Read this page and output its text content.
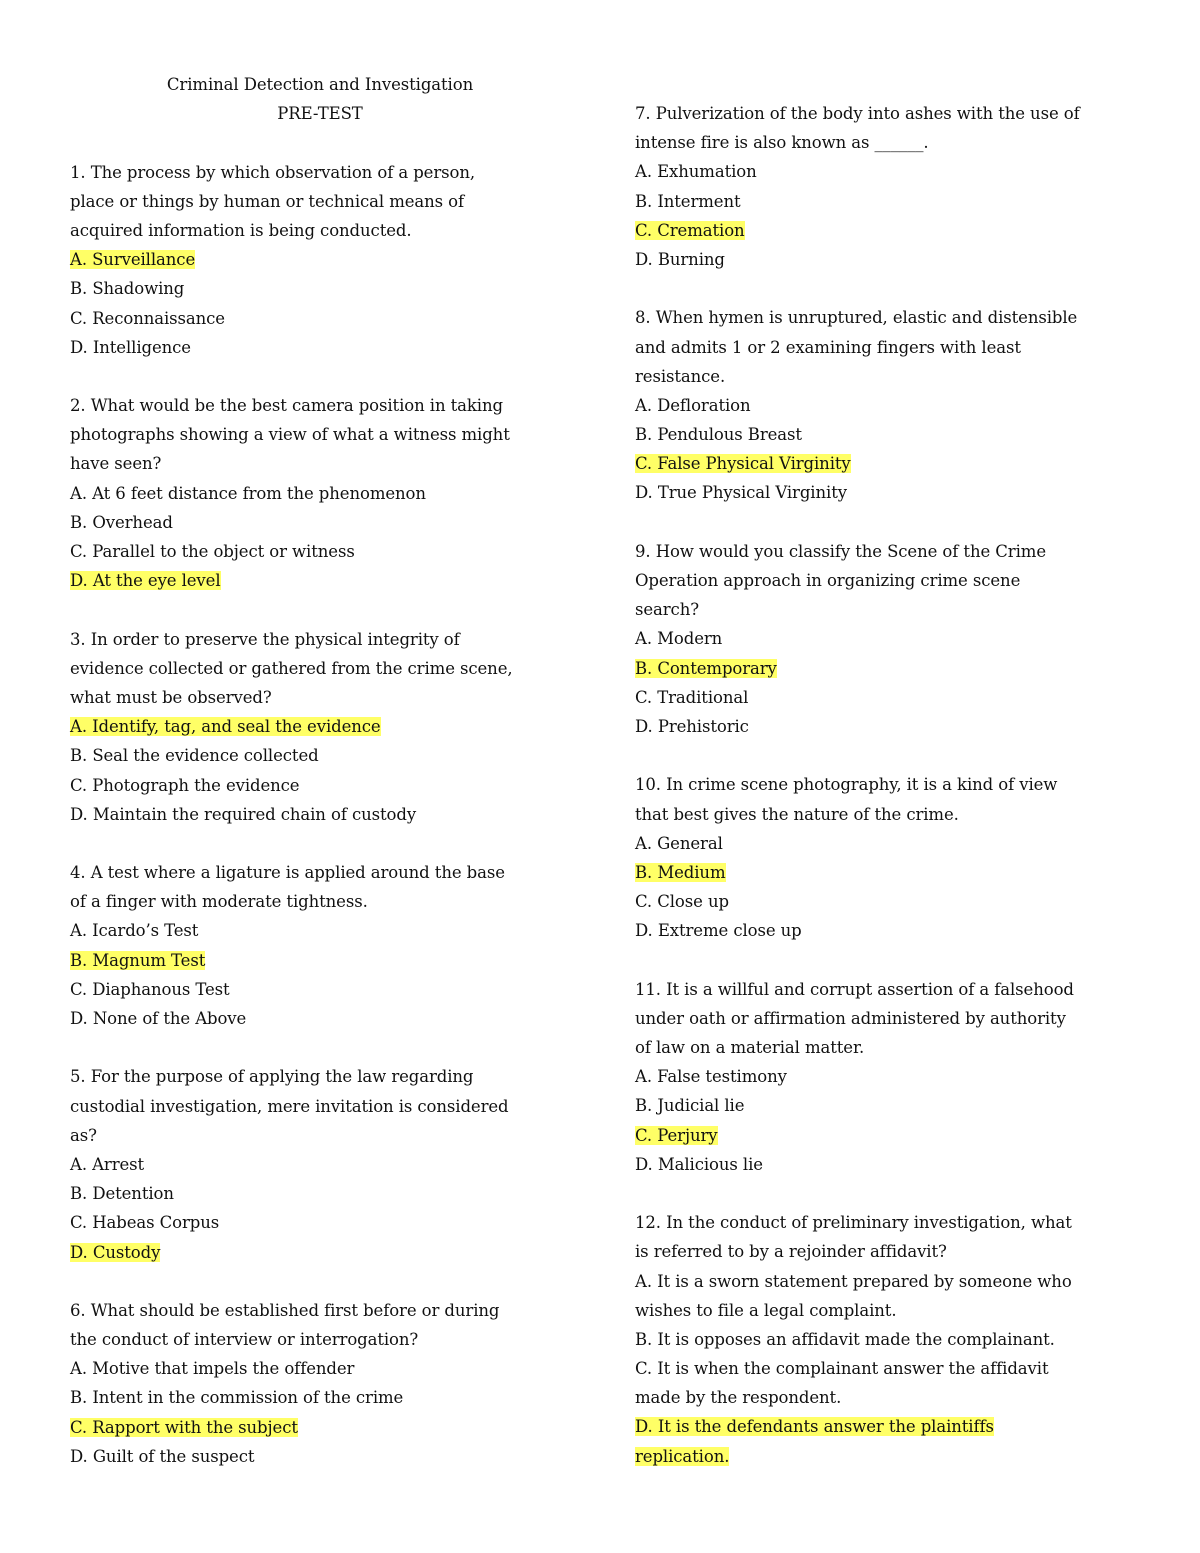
Criminal Detection and Investigation
PRE-TEST
1. The process by which observation of a person,
place or things by human or technical means of
acquired information is being conducted.
A. Surveillance
B. Shadowing
C. Reconnaissance
D. Intelligence
2. What would be the best camera position in taking
photographs showing a view of what a witness might
have seen?
A. At 6 feet distance from the phenomenon
B. Overhead
C. Parallel to the object or witness
D. At the eye level
3. In order to preserve the physical integrity of
evidence collected or gathered from the crime scene,
what must be observed?
A. Identify, tag, and seal the evidence
B. Seal the evidence collected
C. Photograph the evidence
D. Maintain the required chain of custody
4. A test where a ligature is applied around the base
of a finger with moderate tightness.
A. Icardo’s Test
B. Magnum Test
C. Diaphanous Test
D. None of the Above
5. For the purpose of applying the law regarding
custodial investigation, mere invitation is considered
as?
A. Arrest
B. Detention
C. Habeas Corpus
D. Custody
6. What should be established first before or during
the conduct of interview or interrogation?
A. Motive that impels the offender
B. Intent in the commission of the crime
C. Rapport with the subject
D. Guilt of the suspect
7. Pulverization of the body into ashes with the use of
intense fire is also known as ______.
A. Exhumation
B. Interment
C. Cremation
D. Burning
8. When hymen is unruptured, elastic and distensible
and admits 1 or 2 examining fingers with least
resistance.
A. Defloration
B. Pendulous Breast
C. False Physical Virginity
D. True Physical Virginity
9. How would you classify the Scene of the Crime
Operation approach in organizing crime scene
search?
A. Modern
B. Contemporary
C. Traditional
D. Prehistoric
10. In crime scene photography, it is a kind of view
that best gives the nature of the crime.
A. General
B. Medium
C. Close up
D. Extreme close up
11. It is a willful and corrupt assertion of a falsehood
under oath or affirmation administered by authority
of law on a material matter.
A. False testimony
B. Judicial lie
C. Perjury
D. Malicious lie
12. In the conduct of preliminary investigation, what
is referred to by a rejoinder affidavit?
A. It is a sworn statement prepared by someone who
wishes to file a legal complaint.
B. It is opposes an affidavit made the complainant.
C. It is when the complainant answer the affidavit
made by the respondent.
D. It is the defendants answer the plaintiffs
replication.
